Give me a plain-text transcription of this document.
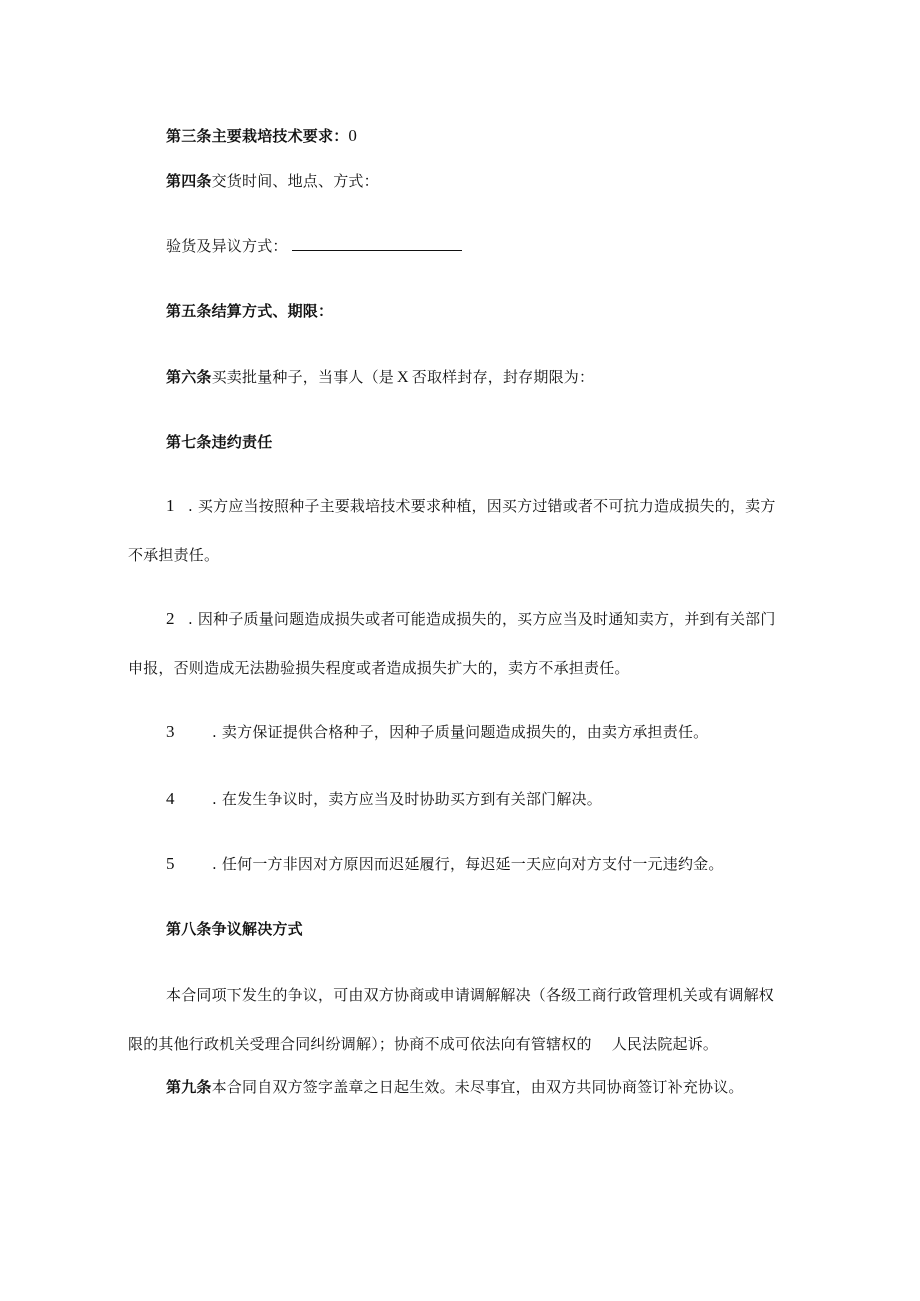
第三条主要栽培技术要求：0
第四条交货时间、地点、方式：
验货及异议方式：
第五条结算方式、期限：
第六条买卖批量种子，当事人（是 X 否取样封存，封存期限为：
第七条违约责任
1 . 买方应当按照种子主要栽培技术要求种植，因买方过错或者不可抗力造成损失的，卖方
不承担责任。
2 . 因种子质量问题造成损失或者可能造成损失的，买方应当及时通知卖方，并到有关部门
申报，否则造成无法勘验损失程度或者造成损失扩大的，卖方不承担责任。
3 . 卖方保证提供合格种子，因种子质量问题造成损失的，由卖方承担责任。
4 . 在发生争议时，卖方应当及时协助买方到有关部门解决。
5 . 任何一方非因对方原因而迟延履行，每迟延一天应向对方支付一元违约金。
第八条争议解决方式
本合同项下发生的争议，可由双方协商或申请调解解决（各级工商行政管理机关或有调解权
限的其他行政机关受理合同纠纷调解）；协商不成可依法向有管辖权的 人民法院起诉。
第九条本合同自双方签字盖章之日起生效。未尽事宜，由双方共同协商签订补充协议。
